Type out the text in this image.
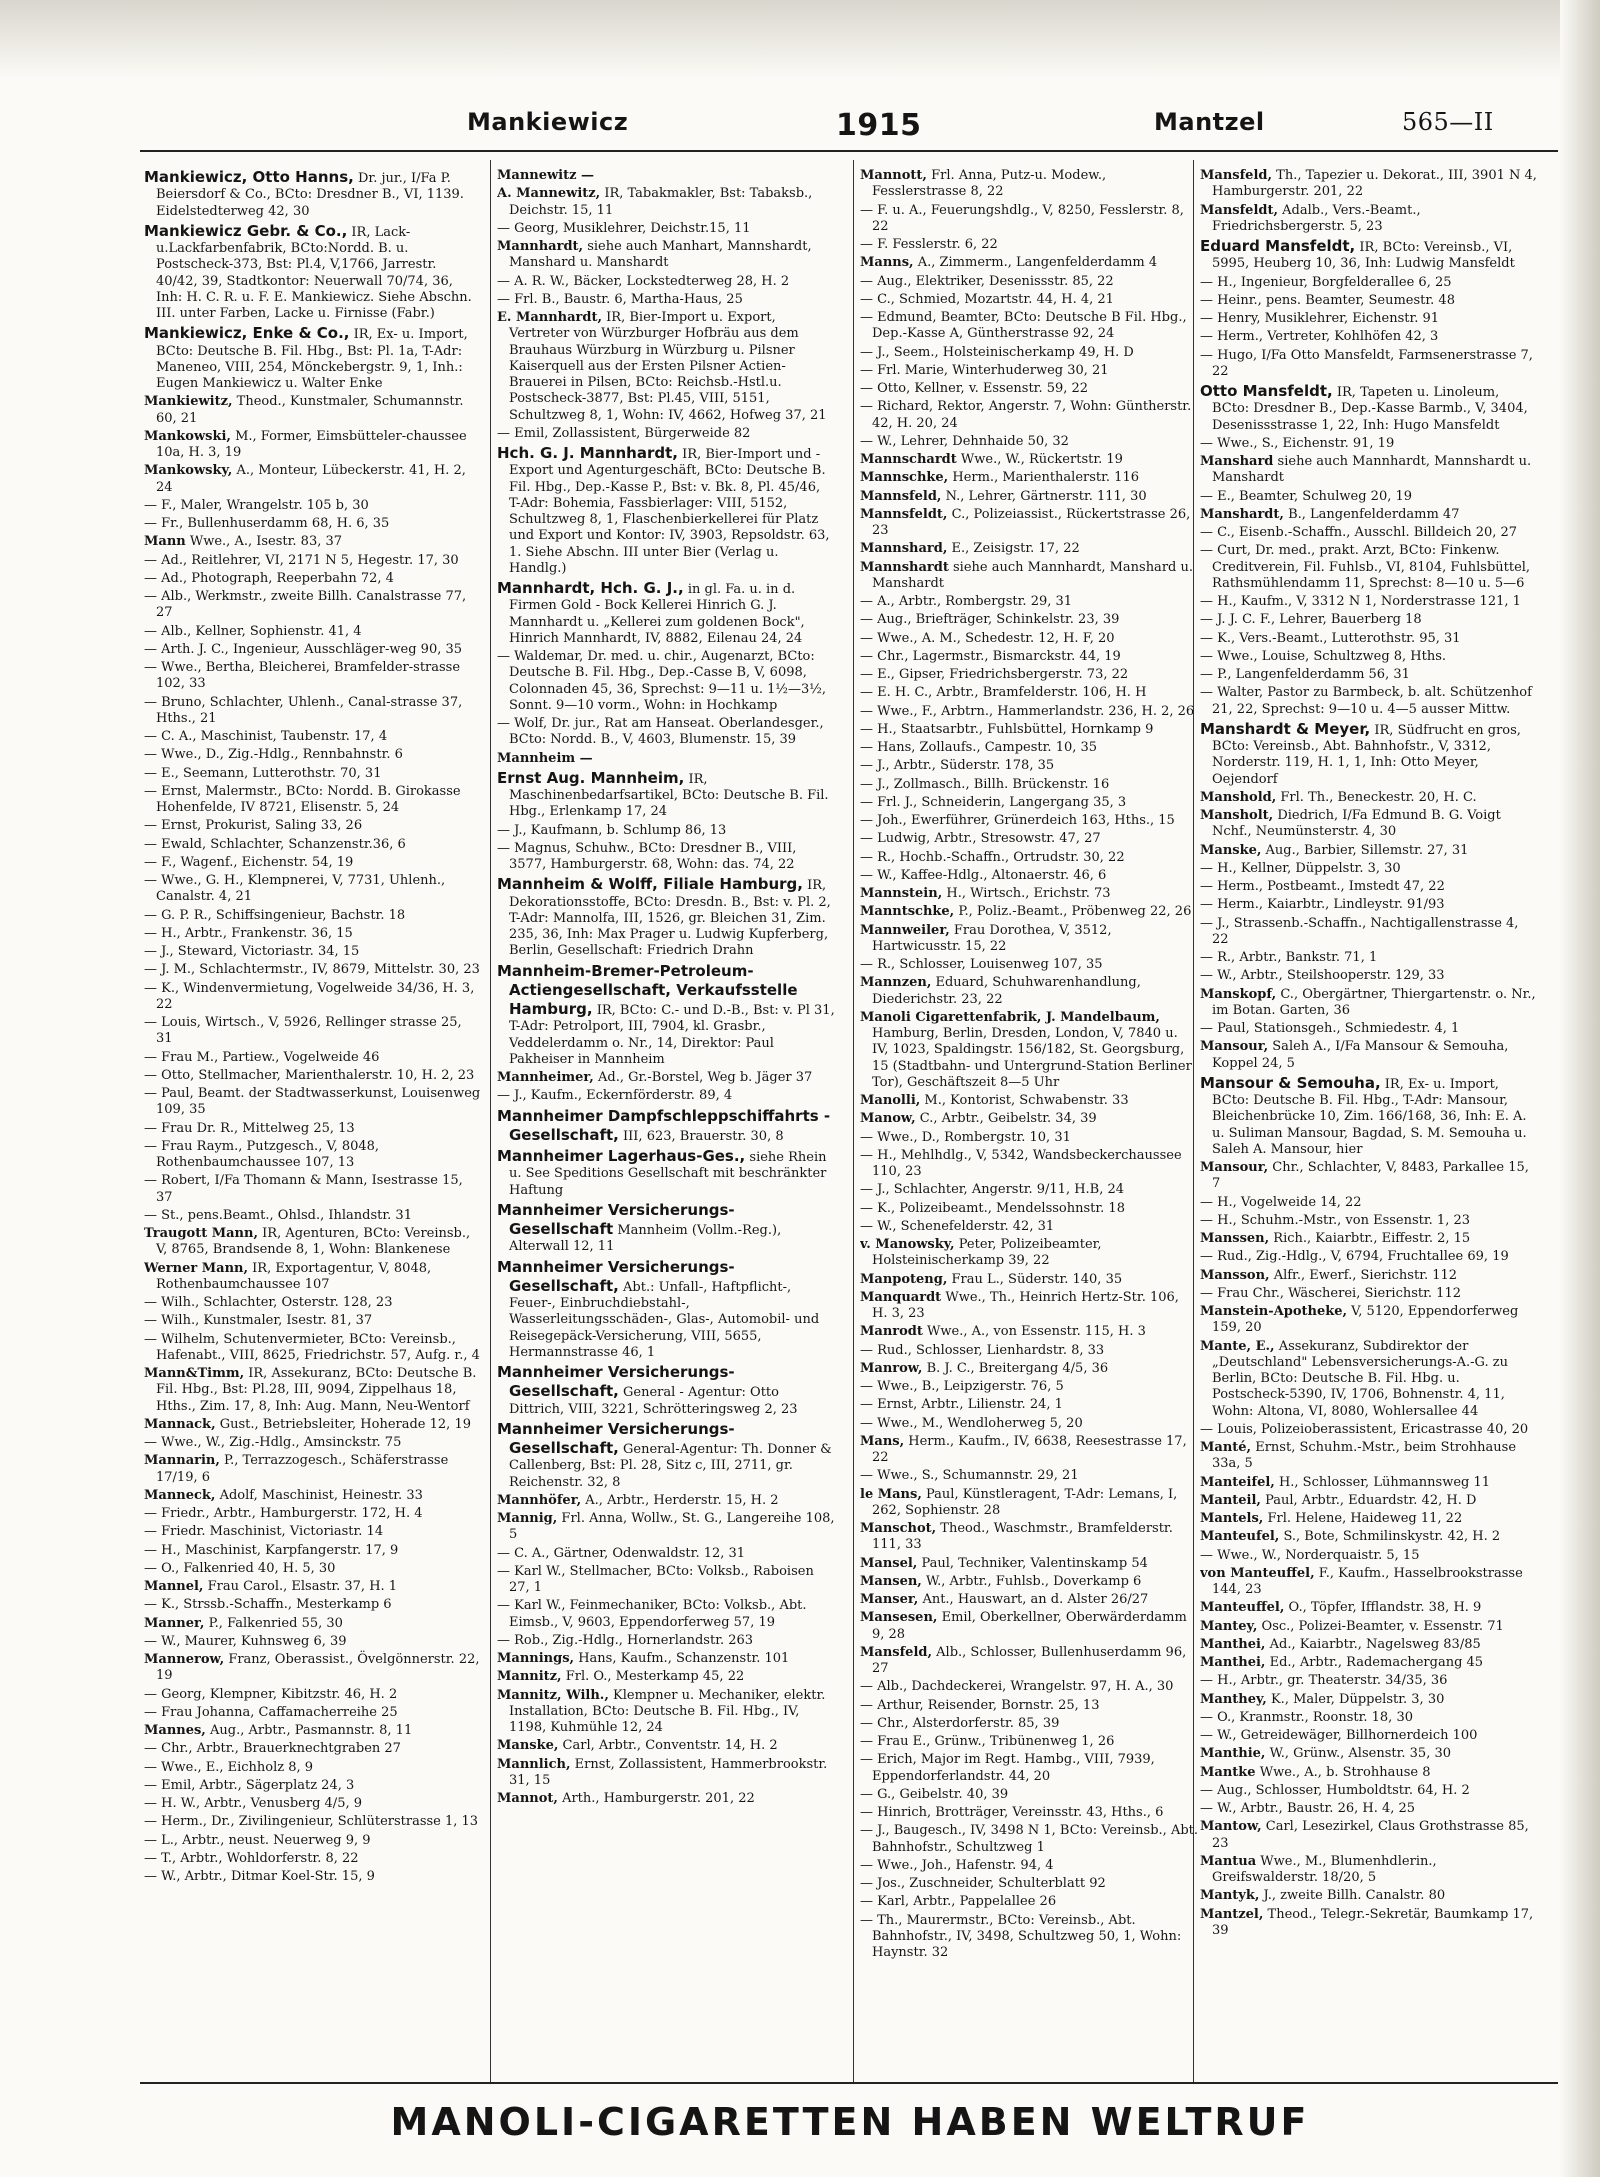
Mankiewicz	1915	Mantzel	565—II
Mankiewicz, Otto Hanns, Dr. jur., I/Fa P. Beiersdorf & Co., BCto: Dresdner B., VI, 1139. Eidelstedterweg 42, 30
Mankiewicz Gebr. & Co., IR, Lack-u.Lackfarbenfabrik, BCto:Nordd. B. u. Postscheck-373, Bst: Pl.4, V,1766, Jarrestr. 40/42, 39, Stadtkontor: Neuerwall 70/74, 36, Inh: H. C. R. u. F. E. Mankiewicz. Siehe Abschn. III. unter Farben, Lacke u. Firnisse (Fabr.)
Mankiewicz, Enke & Co., IR, Ex- u. Import, BCto: Deutsche B. Fil. Hbg., Bst: Pl. 1a, T-Adr: Maneneo, VIII, 254, Mönckebergstr. 9, 1, Inh.: Eugen Mankiewicz u. Walter Enke
Mankiewitz, Theod., Kunstmaler, Schumannstr. 60, 21
Mankowski, M., Former, Eimsbütteler-chaussee 10a, H. 3, 19
Mankowsky, A., Monteur, Lübeckerstr. 41, H. 2, 24
— F., Maler, Wrangelstr. 105 b, 30
— Fr., Bullenhuserdamm 68, H. 6, 35
Mann Wwe., A., Isestr. 83, 37
— Ad., Reitlehrer, VI, 2171 N 5, Hegestr. 17, 30
— Ad., Photograph, Reeperbahn 72, 4
— Alb., Werkmstr., zweite Billh. Canalstrasse 77, 27
— Alb., Kellner, Sophienstr. 41, 4
— Arth. J. C., Ingenieur, Ausschläger-weg 90, 35
— Wwe., Bertha, Bleicherei, Bramfelder-strasse 102, 33
— Bruno, Schlachter, Uhlenh., Canal-strasse 37, Hths., 21
— C. A., Maschinist, Taubenstr. 17, 4
— Wwe., D., Zig.-Hdlg., Rennbahnstr. 6
— E., Seemann, Lutterothstr. 70, 31
— Ernst, Malermstr., BCto: Nordd. B. Girokasse Hohenfelde, IV 8721, Elisenstr. 5, 24
— Ernst, Prokurist, Saling 33, 26
— Ewald, Schlachter, Schanzenstr.36, 6
— F., Wagenf., Eichenstr. 54, 19
— Wwe., G. H., Klempnerei, V, 7731, Uhlenh., Canalstr. 4, 21
— G. P. R., Schiffsingenieur, Bachstr. 18
— H., Arbtr., Frankenstr. 36, 15
— J., Steward, Victoriastr. 34, 15
— J. M., Schlachtermstr., IV, 8679, Mittelstr. 30, 23
— K., Windenvermietung, Vogelweide 34/36, H. 3, 22
— Louis, Wirtsch., V, 5926, Rellinger strasse 25, 31
— Frau M., Partiew., Vogelweide 46
— Otto, Stellmacher, Marienthalerstr. 10, H. 2, 23
— Paul, Beamt. der Stadtwasserkunst, Louisenweg 109, 35
— Frau Dr. R., Mittelweg 25, 13
— Frau Raym., Putzgesch., V, 8048, Rothenbaumchaussee 107, 13
— Robert, I/Fa Thomann & Mann, Isestrasse 15, 37
— St., pens.Beamt., Ohlsd., Ihlandstr. 31
Traugott Mann, IR, Agenturen, BCto: Vereinsb., V, 8765, Brandsende 8, 1, Wohn: Blankenese
Werner Mann, IR, Exportagentur, V, 8048, Rothenbaumchaussee 107
— Wilh., Schlachter, Osterstr. 128, 23
— Wilh., Kunstmaler, Isestr. 81, 37
— Wilhelm, Schutenvermieter, BCto: Vereinsb., Hafenabt., VIII, 8625, Friedrichstr. 57, Aufg. r., 4
Mann&Timm, IR, Assekuranz, BCto: Deutsche B. Fil. Hbg., Bst: Pl.28, III, 9094, Zippelhaus 18, Hths., Zim. 17, 8, Inh: Aug. Mann, Neu-Wentorf
Mannack, Gust., Betriebsleiter, Hoherade 12, 19
— Wwe., W., Zig.-Hdlg., Amsinckstr. 75
Mannarin, P., Terrazzogesch., Schäferstrasse 17/19, 6
Manneck, Adolf, Maschinist, Heinestr. 33
— Friedr., Arbtr., Hamburgerstr. 172, H. 4
— Friedr. Maschinist, Victoriastr. 14
— H., Maschinist, Karpfangerstr. 17, 9
— O., Falkenried 40, H. 5, 30
Mannel, Frau Carol., Elsastr. 37, H. 1
— K., Strssb.-Schaffn., Mesterkamp 6
Manner, P., Falkenried 55, 30
— W., Maurer, Kuhnsweg 6, 39
Mannerow, Franz, Oberassist., Övelgönnerstr. 22, 19
— Georg, Klempner, Kibitzstr. 46, H. 2
— Frau Johanna, Caffamacherreihe 25
Mannes, Aug., Arbtr., Pasmannstr. 8, 11
— Chr., Arbtr., Brauerknechtgraben 27
— Wwe., E., Eichholz 8, 9
— Emil, Arbtr., Sägerplatz 24, 3
— H. W., Arbtr., Venusberg 4/5, 9
— Herm., Dr., Zivilingenieur, Schlüterstrasse 1, 13
— L., Arbtr., neust. Neuerweg 9, 9
— T., Arbtr., Wohldorferstr. 8, 22
— W., Arbtr., Ditmar Koel-Str. 15, 9
Mannewitz —
A. Mannewitz, IR, Tabakmakler, Bst: Tabaksb., Deichstr. 15, 11
— Georg, Musiklehrer, Deichstr.15, 11
Mannhardt, siehe auch Manhart, Mannshardt, Manshard u. Manshardt
— A. R. W., Bäcker, Lockstedterweg 28, H. 2
— Frl. B., Baustr. 6, Martha-Haus, 25
E. Mannhardt, IR, Bier-Import u. Export, Vertreter von Würzburger Hofbräu aus dem Brauhaus Würzburg in Würzburg u. Pilsner Kaiserquell aus der Ersten Pilsner Actien-Brauerei in Pilsen, BCto: Reichsb.-Hstl.u. Postscheck-3877, Bst: Pl.45, VIII, 5151, Schultzweg 8, 1, Wohn: IV, 4662, Hofweg 37, 21
— Emil, Zollassistent, Bürgerweide 82
Hch. G. J. Mannhardt, IR, Bier-Import und -Export und Agenturgeschäft, BCto: Deutsche B. Fil. Hbg., Dep.-Kasse P., Bst: v. Bk. 8, Pl. 45/46, T-Adr: Bohemia, Fassbierlager: VIII, 5152, Schultzweg 8, 1, Flaschenbierkellerei für Platz und Export und Kontor: IV, 3903, Repsoldstr. 63, 1. Siehe Abschn. III unter Bier (Verlag u. Handlg.)
Mannhardt, Hch. G. J., in gl. Fa. u. in d. Firmen Gold - Bock Kellerei Hinrich G. J. Mannhardt u. „Kellerei zum goldenen Bock", Hinrich Mannhardt, IV, 8882, Eilenau 24, 24
— Waldemar, Dr. med. u. chir., Augenarzt, BCto: Deutsche B. Fil. Hbg., Dep.-Casse B, V, 6098, Colonnaden 45, 36, Sprechst: 9—11 u. 1½—3½, Sonnt. 9—10 vorm., Wohn: in Hochkamp
— Wolf, Dr. jur., Rat am Hanseat. Oberlandesger., BCto: Nordd. B., V, 4603, Blumenstr. 15, 39
Mannheim —
Ernst Aug. Mannheim, IR, Maschinenbedarfsartikel, BCto: Deutsche B. Fil. Hbg., Erlenkamp 17, 24
— J., Kaufmann, b. Schlump 86, 13
— Magnus, Schuhw., BCto: Dresdner B., VIII, 3577, Hamburgerstr. 68, Wohn: das. 74, 22
Mannheim & Wolff, Filiale Hamburg, IR, Dekorationsstoffe, BCto: Dresdn. B., Bst: v. Pl. 2, T-Adr: Mannolfa, III, 1526, gr. Bleichen 31, Zim. 235, 36, Inh: Max Prager u. Ludwig Kupferberg, Berlin, Gesellschaft: Friedrich Drahn
Mannheim-Bremer-Petroleum-Actiengesellschaft, Verkaufsstelle Hamburg, IR, BCto: C.- und D.-B., Bst: v. Pl 31, T-Adr: Petrolport, III, 7904, kl. Grasbr., Veddelerdamm o. Nr., 14, Direktor: Paul Pakheiser in Mannheim
Mannheimer, Ad., Gr.-Borstel, Weg b. Jäger 37
— J., Kaufm., Eckernförderstr. 89, 4
Mannheimer Dampfschleppschiffahrts - Gesellschaft, III, 623, Brauerstr. 30, 8
Mannheimer Lagerhaus-Ges., siehe Rhein u. See Speditions Gesellschaft mit beschränkter Haftung
Mannheimer Versicherungs-Gesellschaft Mannheim (Vollm.-Reg.), Alterwall 12, 11
Mannheimer Versicherungs-Gesellschaft, Abt.: Unfall-, Haftpflicht-, Feuer-, Einbruchdiebstahl-, Wasserleitungsschäden-, Glas-, Automobil- und Reisegepäck-Versicherung, VIII, 5655, Hermannstrasse 46, 1
Mannheimer Versicherungs-Gesellschaft, General - Agentur: Otto Dittrich, VIII, 3221, Schrötteringsweg 2, 23
Mannheimer Versicherungs-Gesellschaft, General-Agentur: Th. Donner & Callenberg, Bst: Pl. 28, Sitz c, III, 2711, gr. Reichenstr. 32, 8
Mannhöfer, A., Arbtr., Herderstr. 15, H. 2
Mannig, Frl. Anna, Wollw., St. G., Langereihe 108, 5
— C. A., Gärtner, Odenwaldstr. 12, 31
— Karl W., Stellmacher, BCto: Volksb., Raboisen 27, 1
— Karl W., Feinmechaniker, BCto: Volksb., Abt. Eimsb., V, 9603, Eppendorferweg 57, 19
— Rob., Zig.-Hdlg., Hornerlandstr. 263
Mannings, Hans, Kaufm., Schanzenstr. 101
Mannitz, Frl. O., Mesterkamp 45, 22
Mannitz, Wilh., Klempner u. Mechaniker, elektr. Installation, BCto: Deutsche B. Fil. Hbg., IV, 1198, Kuhmühle 12, 24
Manske, Carl, Arbtr., Conventstr. 14, H. 2
Mannlich, Ernst, Zollassistent, Hammerbrookstr. 31, 15
Mannot, Arth., Hamburgerstr. 201, 22
Mannott, Frl. Anna, Putz-u. Modew., Fesslerstrasse 8, 22
— F. u. A., Feuerungshdlg., V, 8250, Fesslerstr. 8, 22
— F. Fesslerstr. 6, 22
Manns, A., Zimmerm., Langenfelderdamm 4
— Aug., Elektriker, Desenissstr. 85, 22
— C., Schmied, Mozartstr. 44, H. 4, 21
— Edmund, Beamter, BCto: Deutsche B Fil. Hbg., Dep.-Kasse A, Güntherstrasse 92, 24
— J., Seem., Holsteinischerkamp 49, H. D
— Frl. Marie, Winterhuderweg 30, 21
— Otto, Kellner, v. Essenstr. 59, 22
— Richard, Rektor, Angerstr. 7, Wohn: Güntherstr. 42, H. 20, 24
— W., Lehrer, Dehnhaide 50, 32
Mannschardt Wwe., W., Rückertstr. 19
Mannschke, Herm., Marienthalerstr. 116
Mannsfeld, N., Lehrer, Gärtnerstr. 111, 30
Mannsfeldt, C., Polizeiassist., Rückertstrasse 26, 23
Mannshard, E., Zeisigstr. 17, 22
Mannshardt siehe auch Mannhardt, Manshard u. Manshardt
— A., Arbtr., Rombergstr. 29, 31
— Aug., Briefträger, Schinkelstr. 23, 39
— Wwe., A. M., Schedestr. 12, H. F, 20
— Chr., Lagermstr., Bismarckstr. 44, 19
— E., Gipser, Friedrichsbergerstr. 73, 22
— E. H. C., Arbtr., Bramfelderstr. 106, H. H
— Wwe., F., Arbtrn., Hammerlandstr. 236, H. 2, 26
— H., Staatsarbtr., Fuhlsbüttel, Hornkamp 9
— Hans, Zollaufs., Campestr. 10, 35
— J., Arbtr., Süderstr. 178, 35
— J., Zollmasch., Billh. Brückenstr. 16
— Frl. J., Schneiderin, Langergang 35, 3
— Joh., Ewerführer, Grünerdeich 163, Hths., 15
— Ludwig, Arbtr., Stresowstr. 47, 27
— R., Hochb.-Schaffn., Ortrudstr. 30, 22
— W., Kaffee-Hdlg., Altonaerstr. 46, 6
Mannstein, H., Wirtsch., Erichstr. 73
Manntschke, P., Poliz.-Beamt., Pröbenweg 22, 26
Mannweiler, Frau Dorothea, V, 3512, Hartwicusstr. 15, 22
— R., Schlosser, Louisenweg 107, 35
Mannzen, Eduard, Schuhwarenhandlung, Diederichstr. 23, 22
Manoli Cigarettenfabrik, J. Mandelbaum, Hamburg, Berlin, Dresden, London, V, 7840 u. IV, 1023, Spaldingstr. 156/182, St. Georgsburg, 15 (Stadtbahn- und Untergrund-Station Berliner Tor), Geschäftszeit 8—5 Uhr
Manolli, M., Kontorist, Schwabenstr. 33
Manow, C., Arbtr., Geibelstr. 34, 39
— Wwe., D., Rombergstr. 10, 31
— H., Mehlhdlg., V, 5342, Wandsbeckerchaussee 110, 23
— J., Schlachter, Angerstr. 9/11, H.B, 24
— K., Polizeibeamt., Mendelssohnstr. 18
— W., Schenefelderstr. 42, 31
v. Manowsky, Peter, Polizeibeamter, Holsteinischerkamp 39, 22
Manpoteng, Frau L., Süderstr. 140, 35
Manquardt Wwe., Th., Heinrich Hertz-Str. 106, H. 3, 23
Manrodt Wwe., A., von Essenstr. 115, H. 3
— Rud., Schlosser, Lienhardstr. 8, 33
Manrow, B. J. C., Breitergang 4/5, 36
— Wwe., B., Leipzigerstr. 76, 5
— Ernst, Arbtr., Lilienstr. 24, 1
— Wwe., M., Wendloherweg 5, 20
Mans, Herm., Kaufm., IV, 6638, Reesestrasse 17, 22
— Wwe., S., Schumannstr. 29, 21
le Mans, Paul, Künstleragent, T-Adr: Lemans, I, 262, Sophienstr. 28
Manschot, Theod., Waschmstr., Bramfelderstr. 111, 33
Mansel, Paul, Techniker, Valentinskamp 54
Mansen, W., Arbtr., Fuhlsb., Doverkamp 6
Manser, Ant., Hauswart, an d. Alster 26/27
Mansesen, Emil, Oberkellner, Oberwärderdamm 9, 28
Mansfeld, Alb., Schlosser, Bullenhuserdamm 96, 27
— Alb., Dachdeckerei, Wrangelstr. 97, H. A., 30
— Arthur, Reisender, Bornstr. 25, 13
— Chr., Alsterdorferstr. 85, 39
— Frau E., Grünw., Tribünenweg 1, 26
— Erich, Major im Regt. Hambg., VIII, 7939, Eppendorferlandstr. 44, 20
— G., Geibelstr. 40, 39
— Hinrich, Brotträger, Vereinsstr. 43, Hths., 6
— J., Baugesch., IV, 3498 N 1, BCto: Vereinsb., Abt. Bahnhofstr., Schultzweg 1
— Wwe., Joh., Hafenstr. 94, 4
— Jos., Zuschneider, Schulterblatt 92
— Karl, Arbtr., Pappelallee 26
— Th., Maurermstr., BCto: Vereinsb., Abt. Bahnhofstr., IV, 3498, Schultzweg 50, 1, Wohn: Haynstr. 32
Mansfeld, Th., Tapezier u. Dekorat., III, 3901 N 4, Hamburgerstr. 201, 22
Mansfeldt, Adalb., Vers.-Beamt., Friedrichsbergerstr. 5, 23
Eduard Mansfeldt, IR, BCto: Vereinsb., VI, 5995, Heuberg 10, 36, Inh: Ludwig Mansfeldt
— H., Ingenieur, Borgfelderallee 6, 25
— Heinr., pens. Beamter, Seumestr. 48
— Henry, Musiklehrer, Eichenstr. 91
— Herm., Vertreter, Kohlhöfen 42, 3
— Hugo, I/Fa Otto Mansfeldt, Farmsenerstrasse 7, 22
Otto Mansfeldt, IR, Tapeten u. Linoleum, BCto: Dresdner B., Dep.-Kasse Barmb., V, 3404, Desenissstrasse 1, 22, Inh: Hugo Mansfeldt
— Wwe., S., Eichenstr. 91, 19
Manshard siehe auch Mannhardt, Mannshardt u. Manshardt
— E., Beamter, Schulweg 20, 19
Manshardt, B., Langenfelderdamm 47
— C., Eisenb.-Schaffn., Ausschl. Billdeich 20, 27
— Curt, Dr. med., prakt. Arzt, BCto: Finkenw. Creditverein, Fil. Fuhlsb., VI, 8104, Fuhlsbüttel, Rathsmühlendamm 11, Sprechst: 8—10 u. 5—6
— H., Kaufm., V, 3312 N 1, Norderstrasse 121, 1
— J. J. C. F., Lehrer, Bauerberg 18
— K., Vers.-Beamt., Lutterothstr. 95, 31
— Wwe., Louise, Schultzweg 8, Hths.
— P., Langenfelderdamm 56, 31
— Walter, Pastor zu Barmbeck, b. alt. Schützenhof 21, 22, Sprechst: 9—10 u. 4—5 ausser Mittw.
Manshardt & Meyer, IR, Südfrucht en gros, BCto: Vereinsb., Abt. Bahnhofstr., V, 3312, Norderstr. 119, H. 1, 1, Inh: Otto Meyer, Oejendorf
Manshold, Frl. Th., Beneckestr. 20, H. C.
Mansholt, Diedrich, I/Fa Edmund B. G. Voigt Nchf., Neumünsterstr. 4, 30
Manske, Aug., Barbier, Sillemstr. 27, 31
— H., Kellner, Düppelstr. 3, 30
— Herm., Postbeamt., Imstedt 47, 22
— Herm., Kaiarbtr., Lindleystr. 91/93
— J., Strassenb.-Schaffn., Nachtigallenstrasse 4, 22
— R., Arbtr., Bankstr. 71, 1
— W., Arbtr., Steilshooperstr. 129, 33
Manskopf, C., Obergärtner, Thiergartenstr. o. Nr., im Botan. Garten, 36
— Paul, Stationsgeh., Schmiedestr. 4, 1
Mansour, Saleh A., I/Fa Mansour & Semouha, Koppel 24, 5
Mansour & Semouha, IR, Ex- u. Import, BCto: Deutsche B. Fil. Hbg., T-Adr: Mansour, Bleichenbrücke 10, Zim. 166/168, 36, Inh: E. A. u. Suliman Mansour, Bagdad, S. M. Semouha u. Saleh A. Mansour, hier
Mansour, Chr., Schlachter, V, 8483, Parkallee 15, 7
— H., Vogelweide 14, 22
— H., Schuhm.-Mstr., von Essenstr. 1, 23
Manssen, Rich., Kaiarbtr., Eiffestr. 2, 15
— Rud., Zig.-Hdlg., V, 6794, Fruchtallee 69, 19
Mansson, Alfr., Ewerf., Sierichstr. 112
— Frau Chr., Wäscherei, Sierichstr. 112
Manstein-Apotheke, V, 5120, Eppendorferweg 159, 20
Mante, E., Assekuranz, Subdirektor der „Deutschland" Lebensversicherungs-A.-G. zu Berlin, BCto: Deutsche B. Fil. Hbg. u. Postscheck-5390, IV, 1706, Bohnenstr. 4, 11, Wohn: Altona, VI, 8080, Wohlersallee 44
— Louis, Polizeioberassistent, Ericastrasse 40, 20
Manté, Ernst, Schuhm.-Mstr., beim Strohhause 33a, 5
Manteifel, H., Schlosser, Lühmannsweg 11
Manteil, Paul, Arbtr., Eduardstr. 42, H. D
Mantels, Frl. Helene, Haideweg 11, 22
Manteufel, S., Bote, Schmilinskystr. 42, H. 2
— Wwe., W., Norderquaistr. 5, 15
von Manteuffel, F., Kaufm., Hasselbrookstrasse 144, 23
Manteuffel, O., Töpfer, Ifflandstr. 38, H. 9
Mantey, Osc., Polizei-Beamter, v. Essenstr. 71
Manthei, Ad., Kaiarbtr., Nagelsweg 83/85
Manthei, Ed., Arbtr., Rademachergang 45
— H., Arbtr., gr. Theaterstr. 34/35, 36
Manthey, K., Maler, Düppelstr. 3, 30
— O., Kranmstr., Roonstr. 18, 30
— W., Getreidewäger, Billhornerdeich 100
Manthie, W., Grünw., Alsenstr. 35, 30
Mantke Wwe., A., b. Strohhause 8
— Aug., Schlosser, Humboldtstr. 64, H. 2
— W., Arbtr., Baustr. 26, H. 4, 25
Mantow, Carl, Lesezirkel, Claus Grothstrasse 85, 23
Mantua Wwe., M., Blumenhdlerin., Greifswalderstr. 18/20, 5
Mantyk, J., zweite Billh. Canalstr. 80
Mantzel, Theod., Telegr.-Sekretär, Baumkamp 17, 39
MANOLI-CIGARETTEN HABEN WELTRUF
